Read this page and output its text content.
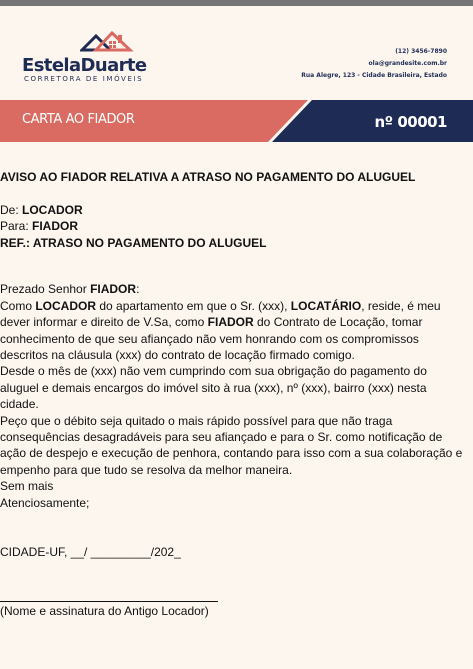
EstelaDuarte
CORRETORA DE IMÓVEIS
(12) 3456-7890
ola@grandesite.com.br
Rua Alegre, 123 - Cidade Brasileira, Estado
CARTA AO FIADOR	nº 00001

AVISO AO FIADOR RELATIVA A ATRASO NO PAGAMENTO DO ALUGUEL

De: LOCADOR

Para: FIADOR

REF.: ATRASO NO PAGAMENTO DO ALUGUEL

Prezado Senhor FIADOR:

Como LOCADOR do apartamento em que o Sr. (xxx), LOCATÁRIO, reside, é meu

dever informar e direito de V.Sa, como FIADOR do Contrato de Locação, tomar

conhecimento de que seu afiançado não vem honrando com os compromissos

descritos na cláusula (xxx) do contrato de locação firmado comigo.

Desde o mês de (xxx) não vem cumprindo com sua obrigação do pagamento do

aluguel e demais encargos do imóvel sito à rua (xxx), nº (xxx), bairro (xxx) nesta

cidade.

Peço que o débito seja quitado o mais rápido possível para que não traga

consequências desagradáveis para seu afiançado e para o Sr. como notificação de

ação de despejo e execução de penhora, contando para isso com a sua colaboração e

empenho para que tudo se resolva da melhor maneira.

Sem mais

Atenciosamente;

CIDADE-UF, __/ _________/202_

(Nome e assinatura do Antigo Locador)
